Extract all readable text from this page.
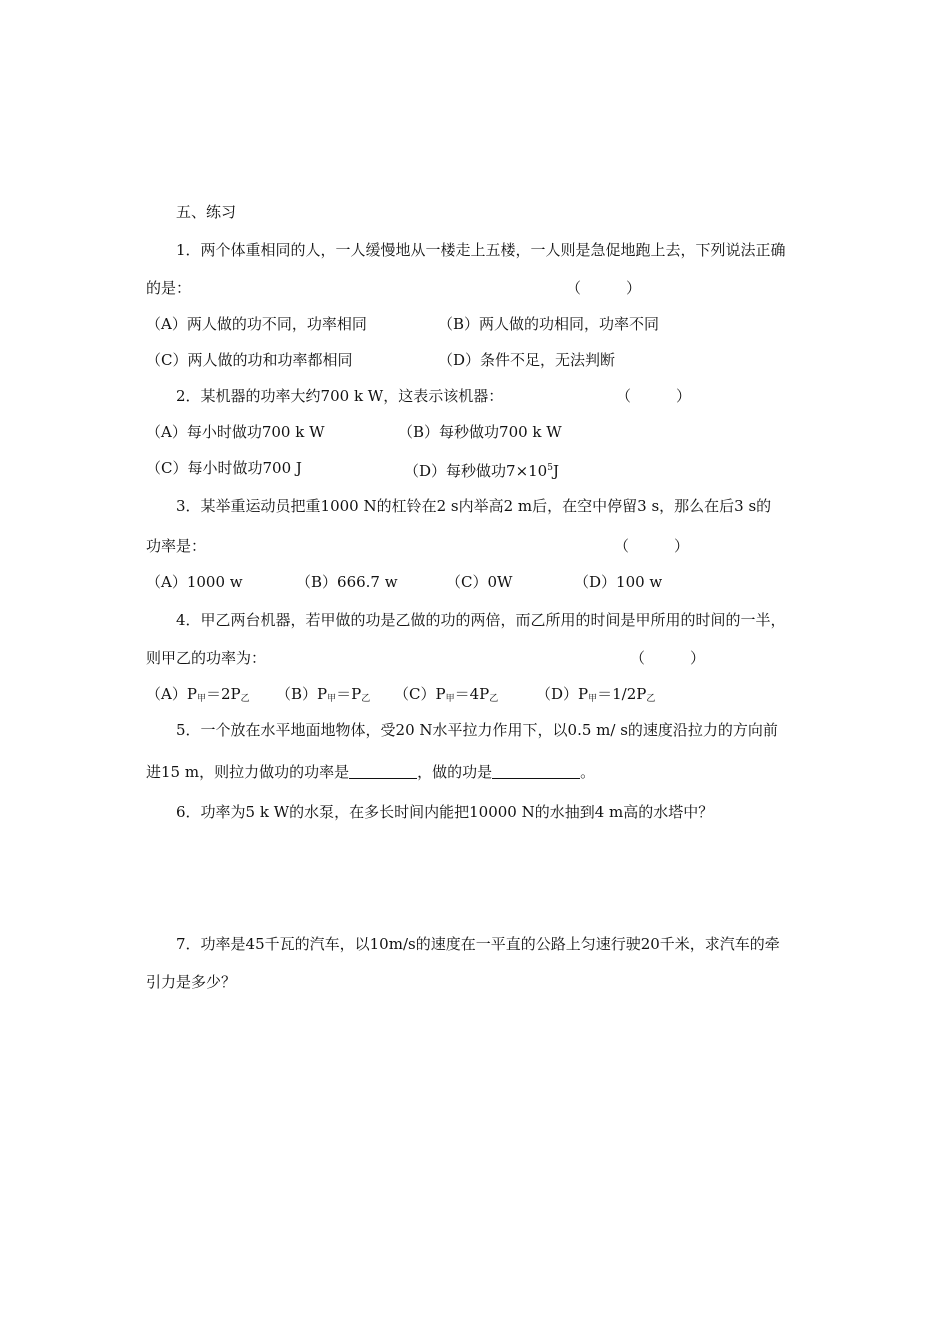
五、练习
1．两个体重相同的人，一人缓慢地从一楼走上五楼，一人则是急促地跑上去，下列说法正确
的是：	（　　　）
（A）两人做的功不同，功率相同	（B）两人做的功相同，功率不同
（C）两人做的功和功率都相同	（D）条件不足，无法判断
2．某机器的功率大约700 k W，这表示该机器：	（　　　）
（A）每小时做功700 k W	（B）每秒做功700 k W
（C）每小时做功700 J	（D）每秒做功$7\times 10^5J$
3．某举重运动员把重1000 N的杠铃在2 s内举高2 m后，在空中停留3 s，那么在后3 s的
功率是：	（　　　）
（A）1000 w	（B）666.7 w	（C）0W	（D）100 w
4．甲乙两台机器，若甲做的功是乙做的功的两倍，而乙所用的时间是甲所用的时间的一半，
则甲乙的功率为：	（　　　）
$(A)P_甲=2P_乙$ $(B)P_甲=P_乙$ $(C)P_甲=4P_乙$	$(D)P_甲=1/2P_乙$
5．一个放在水平地面地物体，受20 N水平拉力作用下，以0.5 m/ s的速度沿拉力的方向前
进15 m，则拉力做功的功率是	，做的功是	。
6．功率为5 k W的水泵，在多长时间内能把10000 N的水抽到4 m高的水塔中？
7．功率是45千瓦的汽车，以10m/s的速度在一平直的公路上匀速行驶20千米，求汽车的牵
引力是多少？
